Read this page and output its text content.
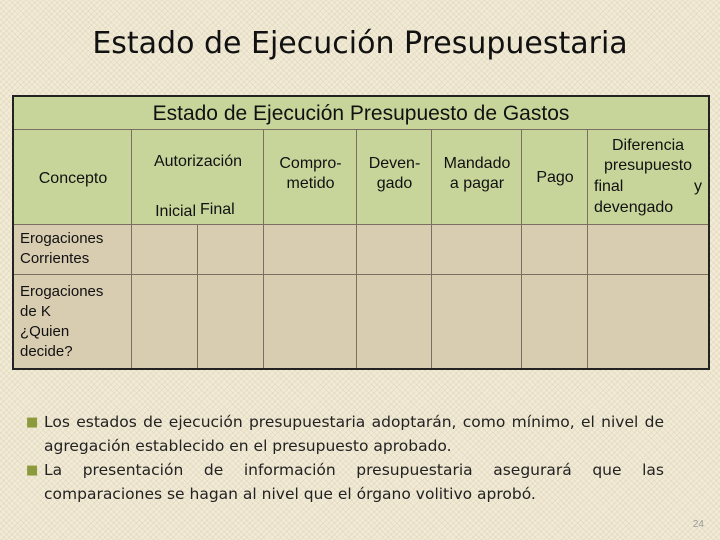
Estado de Ejecución Presupuestaria
Estado de Ejecución Presupuesto de Gastos
Concepto
Autorización
Inicial Final
Compro-
metido
Deven-
gado
Mandado
a pagar	Pago
Diferencia
presupuesto
final	y
devengado
Erogaciones
Corrientes
Erogaciones
de K
¿Quien
decide?
■ Los estados de ejecución presupuestaria adoptarán, como mínimo, el nivel de agregación establecido en el presupuesto aprobado.
■ La presentación de información presupuestaria asegurará que las comparaciones se hagan al nivel que el órgano volitivo aprobó.
24
